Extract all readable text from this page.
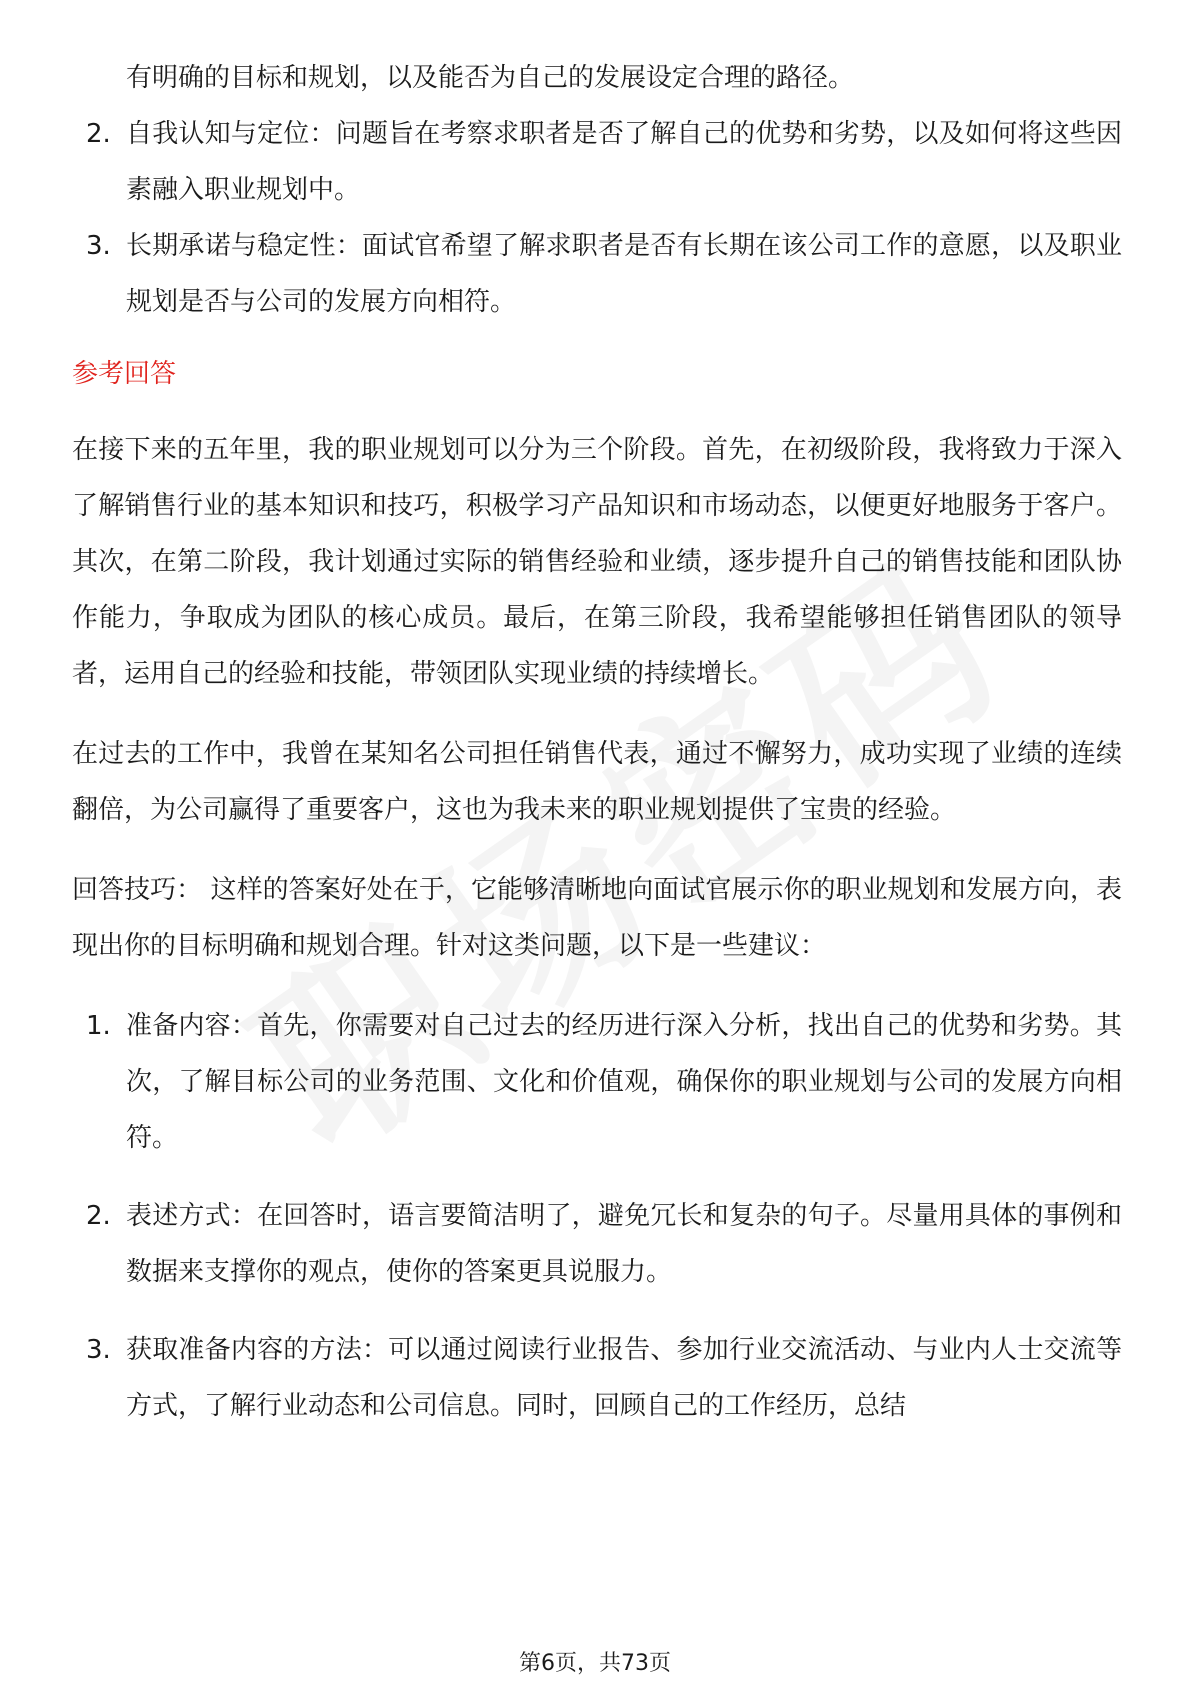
有明确的目标和规划，以及能否为自己的发展设定合理的路径。
2. 自我认知与定位：问题旨在考察求职者是否了解自己的优势和劣势，以及如何将这些因素融入职业规划中。
3. 长期承诺与稳定性：面试官希望了解求职者是否有长期在该公司工作的意愿，以及职业规划是否与公司的发展方向相符。
参考回答

在接下来的五年里，我的职业规划可以分为三个阶段。首先，在初级阶段，我将致力于深入了解销售行业的基本知识和技巧，积极学习产品知识和市场动态，以便更好地服务于客户。其次，在第二阶段，我计划通过实际的销售经验和业绩，逐步提升自己的销售技能和团队协作能力，争取成为团队的核心成员。最后，在第三阶段，我希望能够担任销售团队的领导者，运用自己的经验和技能，带领团队实现业绩的持续增长。

在过去的工作中，我曾在某知名公司担任销售代表，通过不懈努力，成功实现了业绩的连续翻倍，为公司赢得了重要客户，这也为我未来的职业规划提供了宝贵的经验。

回答技巧： 这样的答案好处在于，它能够清晰地向面试官展示你的职业规划和发展方向，表现出你的目标明确和规划合理。针对这类问题，以下是一些建议：

1. 准备内容：首先，你需要对自己过去的经历进行深入分析，找出自己的优势和劣势。其次，了解目标公司的业务范围、文化和价值观，确保你的职业规划与公司的发展方向相符。
2. 表述方式：在回答时，语言要简洁明了，避免冗长和复杂的句子。尽量用具体的事例和数据来支撑你的观点，使你的答案更具说服力。
3. 获取准备内容的方法：可以通过阅读行业报告、参加行业交流活动、与业内人士交流等方式，了解行业动态和公司信息。同时，回顾自己的工作经历，总结
第6页，共73页
